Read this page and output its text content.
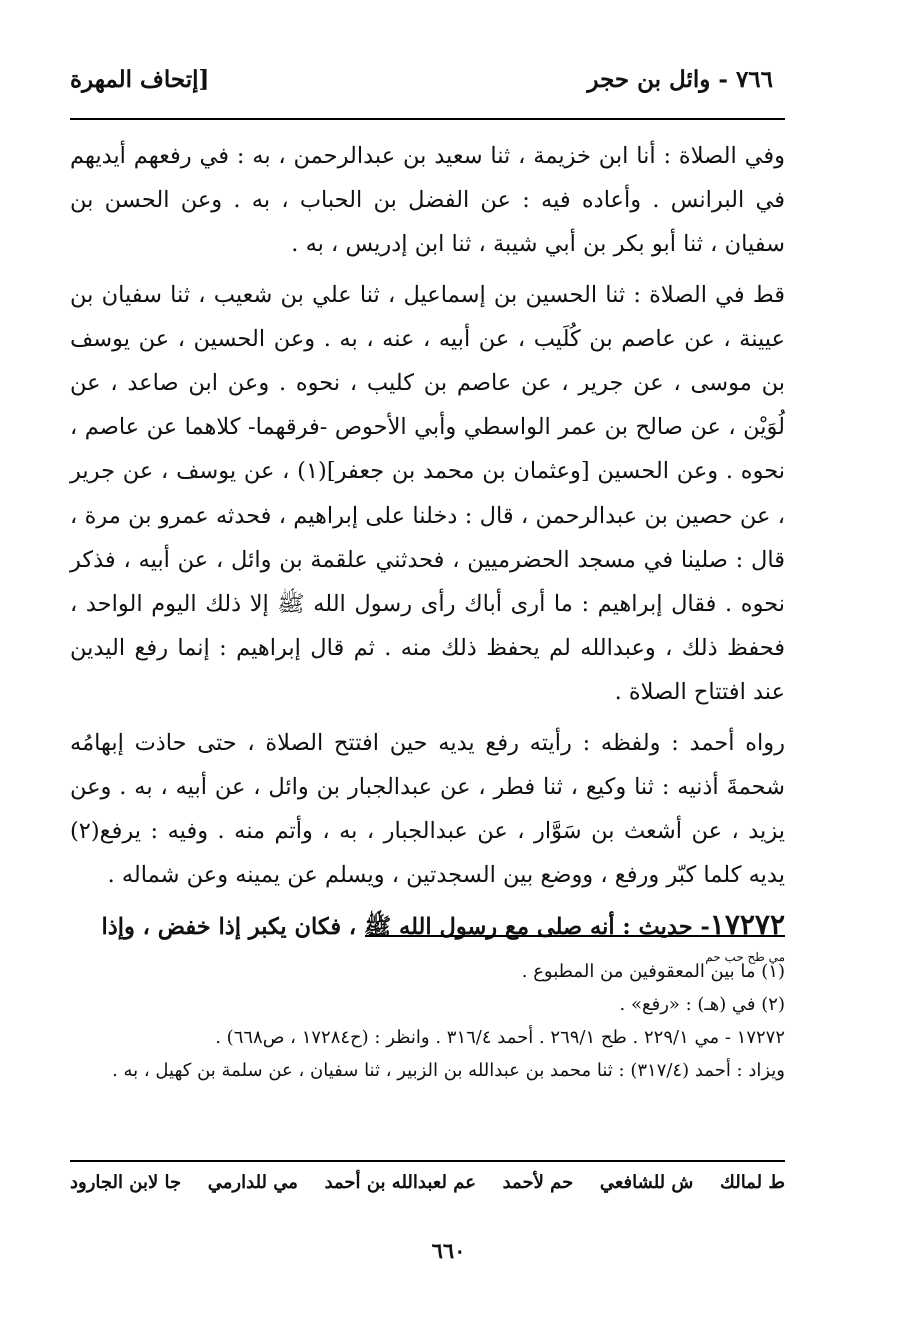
٧٦٦ - وائل بن حجر
[إتحاف المهرة

وفي الصلاة : أنا ابن خزيمة ، ثنا سعيد بن عبدالرحمن ، به : في رفعهم أيديهم في البرانس . وأعاده فيه : عن الفضل بن الحباب ، به . وعن الحسن بن سفيان ، ثنا أبو بكر بن أبي شيبة ، ثنا ابن إدريس ، به .

قط في الصلاة : ثنا الحسين بن إسماعيل ، ثنا علي بن شعيب ، ثنا سفيان بن عيينة ، عن عاصم بن كُلَيب ، عن أبيه ، عنه ، به . وعن الحسين ، عن يوسف بن موسى ، عن جرير ، عن عاصم بن كليب ، نحوه . وعن ابن صاعد ، عن لُوَيْن ، عن صالح بن عمر الواسطي وأبي الأحوص -فرقهما- كلاهما عن عاصم ، نحوه . وعن الحسين [وعثمان بن محمد بن جعفر](١) ، عن يوسف ، عن جرير ، عن حصين بن عبدالرحمن ، قال : دخلنا على إبراهيم ، فحدثه عمرو بن مرة ، قال : صلينا في مسجد الحضرميين ، فحدثني علقمة بن وائل ، عن أبيه ، فذكر نحوه . فقال إبراهيم : ما أرى أباك رأى رسول الله ﷺ إلا ذلك اليوم الواحد ، فحفظ ذلك ، وعبدالله لم يحفظ ذلك منه . ثم قال إبراهيم : إنما رفع اليدين عند افتتاح الصلاة .

رواه أحمد : ولفظه : رأيته رفع يديه حين افتتح الصلاة ، حتى حاذت إبهامُه شحمةَ أذنيه : ثنا وكيع ، ثنا فطر ، عن عبدالجبار بن وائل ، عن أبيه ، به . وعن يزيد ، عن أشعث بن سَوَّار ، عن عبدالجبار ، به ، وأتم منه . وفيه : يرفع(٢) يديه كلما كبّر ورفع ، ووضع بين السجدتين ، ويسلم عن يمينه وعن شماله .

١٧٢٧٢- حديث : أنه صلى مع رسول الله ﷺ ، فكان يكبر إذا خفض ، وإذا
مي طح حب حم
(١) ما بين المعقوفين من المطبوع .
(٢) في (هـ) : «رفع» .
١٧٢٧٢ - مي ٢٢٩/١ . طح ٢٦٩/١ . أحمد ٣١٦/٤ . وانظر : (ح١٧٢٨٤ ، ص٦٦٨) .
ويزاد : أحمد (٣١٧/٤) : ثنا محمد بن عبدالله بن الزبير ، ثنا سفيان ، عن سلمة بن كهيل ، به .
ط لمالك
ش للشافعي
حم لأحمد
عم لعبدالله بن أحمد
مي للدارمي
جا لابن الجارود
٦٦٠
